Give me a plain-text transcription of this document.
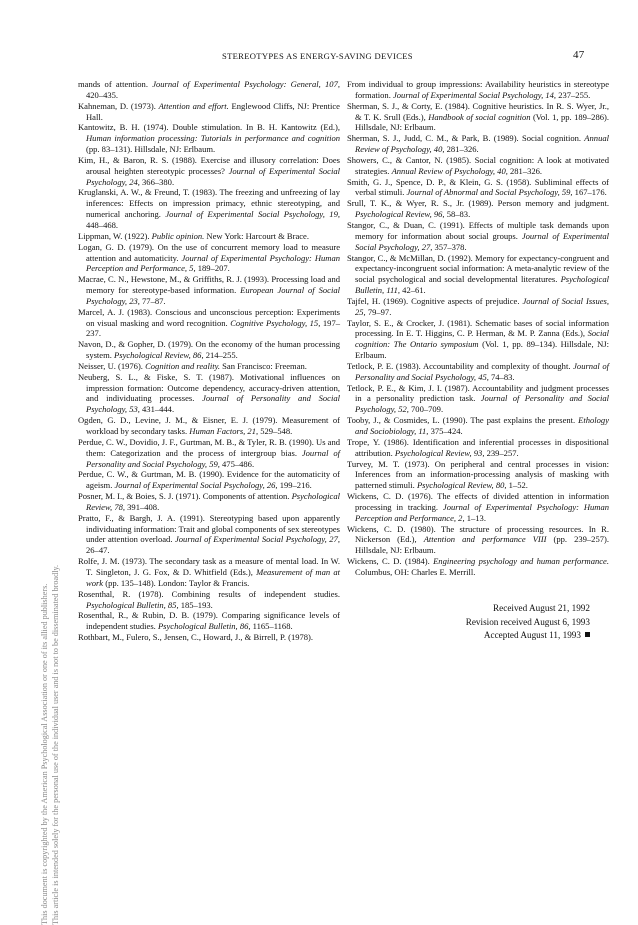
STEREOTYPES AS ENERGY-SAVING DEVICES	47

mands of attention. Journal of Experimental Psychology: General, 107, 420–435.

Kahneman, D. (1973). Attention and effort. Englewood Cliffs, NJ: Prentice Hall.

Kantowitz, B. H. (1974). Double stimulation. In B. H. Kantowitz (Ed.), Human information processing: Tutorials in performance and cognition (pp. 83–131). Hillsdale, NJ: Erlbaum.

Kim, H., & Baron, R. S. (1988). Exercise and illusory correlation: Does arousal heighten stereotypic processes? Journal of Experimental Social Psychology, 24, 366–380.

Kruglanski, A. W., & Freund, T. (1983). The freezing and unfreezing of lay inferences: Effects on impression primacy, ethnic stereotyping, and numerical anchoring. Journal of Experimental Social Psychology, 19, 448–468.

Lippman, W. (1922). Public opinion. New York: Harcourt & Brace.

Logan, G. D. (1979). On the use of concurrent memory load to measure attention and automaticity. Journal of Experimental Psychology: Human Perception and Performance, 5, 189–207.

Macrae, C. N., Hewstone, M., & Griffiths, R. J. (1993). Processing load and memory for stereotype-based information. European Journal of Social Psychology, 23, 77–87.

Marcel, A. J. (1983). Conscious and unconscious perception: Experiments on visual masking and word recognition. Cognitive Psychology, 15, 197–237.

Navon, D., & Gopher, D. (1979). On the economy of the human processing system. Psychological Review, 86, 214–255.

Neisser, U. (1976). Cognition and reality. San Francisco: Freeman.

Neuberg, S. L., & Fiske, S. T. (1987). Motivational influences on impression formation: Outcome dependency, accuracy-driven attention, and individuating processes. Journal of Personality and Social Psychology, 53, 431–444.

Ogden, G. D., Levine, J. M., & Eisner, E. J. (1979). Measurement of workload by secondary tasks. Human Factors, 21, 529–548.

Perdue, C. W., Dovidio, J. F., Gurtman, M. B., & Tyler, R. B. (1990). Us and them: Categorization and the process of intergroup bias. Journal of Personality and Social Psychology, 59, 475–486.

Perdue, C. W., & Gurtman, M. B. (1990). Evidence for the automaticity of ageism. Journal of Experimental Social Psychology, 26, 199–216.

Posner, M. I., & Boies, S. J. (1971). Components of attention. Psychological Review, 78, 391–408.

Pratto, F., & Bargh, J. A. (1991). Stereotyping based upon apparently individuating information: Trait and global components of sex stereotypes under attention overload. Journal of Experimental Social Psychology, 27, 26–47.

Rolfe, J. M. (1973). The secondary task as a measure of mental load. In W. T. Singleton, J. G. Fox, & D. Whitfield (Eds.), Measurement of man at work (pp. 135–148). London: Taylor & Francis.

Rosenthal, R. (1978). Combining results of independent studies. Psychological Bulletin, 85, 185–193.

Rosenthal, R., & Rubin, D. B. (1979). Comparing significance levels of independent studies. Psychological Bulletin, 86, 1165–1168.

Rothbart, M., Fulero, S., Jensen, C., Howard, J., & Birrell, P. (1978).

From individual to group impressions: Availability heuristics in stereotype formation. Journal of Experimental Social Psychology, 14, 237–255.

Sherman, S. J., & Corty, E. (1984). Cognitive heuristics. In R. S. Wyer, Jr., & T. K. Srull (Eds.), Handbook of social cognition (Vol. 1, pp. 189–286). Hillsdale, NJ: Erlbaum.

Sherman, S. J., Judd, C. M., & Park, B. (1989). Social cognition. Annual Review of Psychology, 40, 281–326.

Showers, C., & Cantor, N. (1985). Social cognition: A look at motivated strategies. Annual Review of Psychology, 40, 281–326.

Smith, G. J., Spence, D. P., & Klein, G. S. (1958). Subliminal effects of verbal stimuli. Journal of Abnormal and Social Psychology, 59, 167–176.

Srull, T. K., & Wyer, R. S., Jr. (1989). Person memory and judgment. Psychological Review, 96, 58–83.

Stangor, C., & Duan, C. (1991). Effects of multiple task demands upon memory for information about social groups. Journal of Experimental Social Psychology, 27, 357–378.

Stangor, C., & McMillan, D. (1992). Memory for expectancy-congruent and expectancy-incongruent social information: A meta-analytic review of the social psychological and social developmental literatures. Psychological Bulletin, 111, 42–61.

Tajfel, H. (1969). Cognitive aspects of prejudice. Journal of Social Issues, 25, 79–97.

Taylor, S. E., & Crocker, J. (1981). Schematic bases of social information processing. In E. T. Higgins, C. P. Herman, & M. P. Zanna (Eds.), Social cognition: The Ontario symposium (Vol. 1, pp. 89–134). Hillsdale, NJ: Erlbaum.

Tetlock, P. E. (1983). Accountability and complexity of thought. Journal of Personality and Social Psychology, 45, 74–83.

Tetlock, P. E., & Kim, J. I. (1987). Accountability and judgment processes in a personality prediction task. Journal of Personality and Social Psychology, 52, 700–709.

Tooby, J., & Cosmides, L. (1990). The past explains the present. Ethology and Sociobiology, 11, 375–424.

Trope, Y. (1986). Identification and inferential processes in dispositional attribution. Psychological Review, 93, 239–257.

Turvey, M. T. (1973). On peripheral and central processes in vision: Inferences from an information-processing analysis of masking with patterned stimuli. Psychological Review, 80, 1–52.

Wickens, C. D. (1976). The effects of divided attention in information processing in tracking. Journal of Experimental Psychology: Human Perception and Performance, 2, 1–13.

Wickens, C. D. (1980). The structure of processing resources. In R. Nickerson (Ed.), Attention and performance VIII (pp. 239–257). Hillsdale, NJ: Erlbaum.

Wickens, C. D. (1984). Engineering psychology and human performance. Columbus, OH: Charles E. Merrill.

Received August 21, 1992
Revision received August 6, 1993
Accepted August 11, 1993
This document is copyrighted by the American Psychological Association or one of its allied publishers. This article is intended solely for the personal use of the individual user and is not to be disseminated broadly.
